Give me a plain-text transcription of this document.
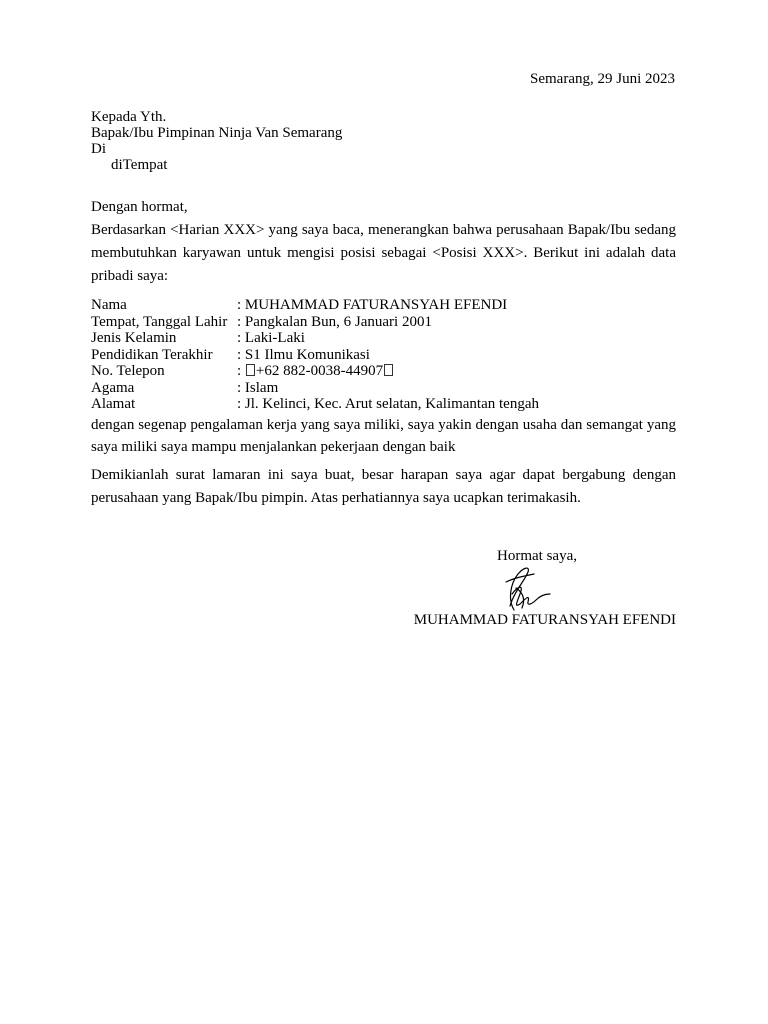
Semarang, 29 Juni 2023
Kepada Yth.
Bapak/Ibu Pimpinan Ninja Van Semarang
Di
diTempat
Dengan hormat,
Berdasarkan <Harian XXX> yang saya baca, menerangkan bahwa perusahaan Bapak/Ibu sedang membutuhkan karyawan untuk mengisi posisi sebagai <Posisi XXX>. Berikut ini adalah data pribadi saya:
Nama	: MUHAMMAD FATURANSYAH EFENDI
Tempat, Tanggal Lahir : Pangkalan Bun, 6 Januari 2001
Jenis Kelamin	: Laki-Laki
Pendidikan Terakhir	: S1 Ilmu Komunikasi
No. Telepon	: +62 882-0038-44907
Agama	: Islam
Alamat	: Jl. Kelinci, Kec. Arut selatan, Kalimantan tengah
dengan segenap pengalaman kerja yang saya miliki, saya yakin dengan usaha dan semangat yang saya miliki saya mampu menjalankan pekerjaan dengan baik
Demikianlah surat lamaran ini saya buat, besar harapan saya agar dapat bergabung dengan perusahaan yang Bapak/Ibu pimpin. Atas perhatiannya saya ucapkan terimakasih.
Hormat saya,
MUHAMMAD FATURANSYAH EFENDI
